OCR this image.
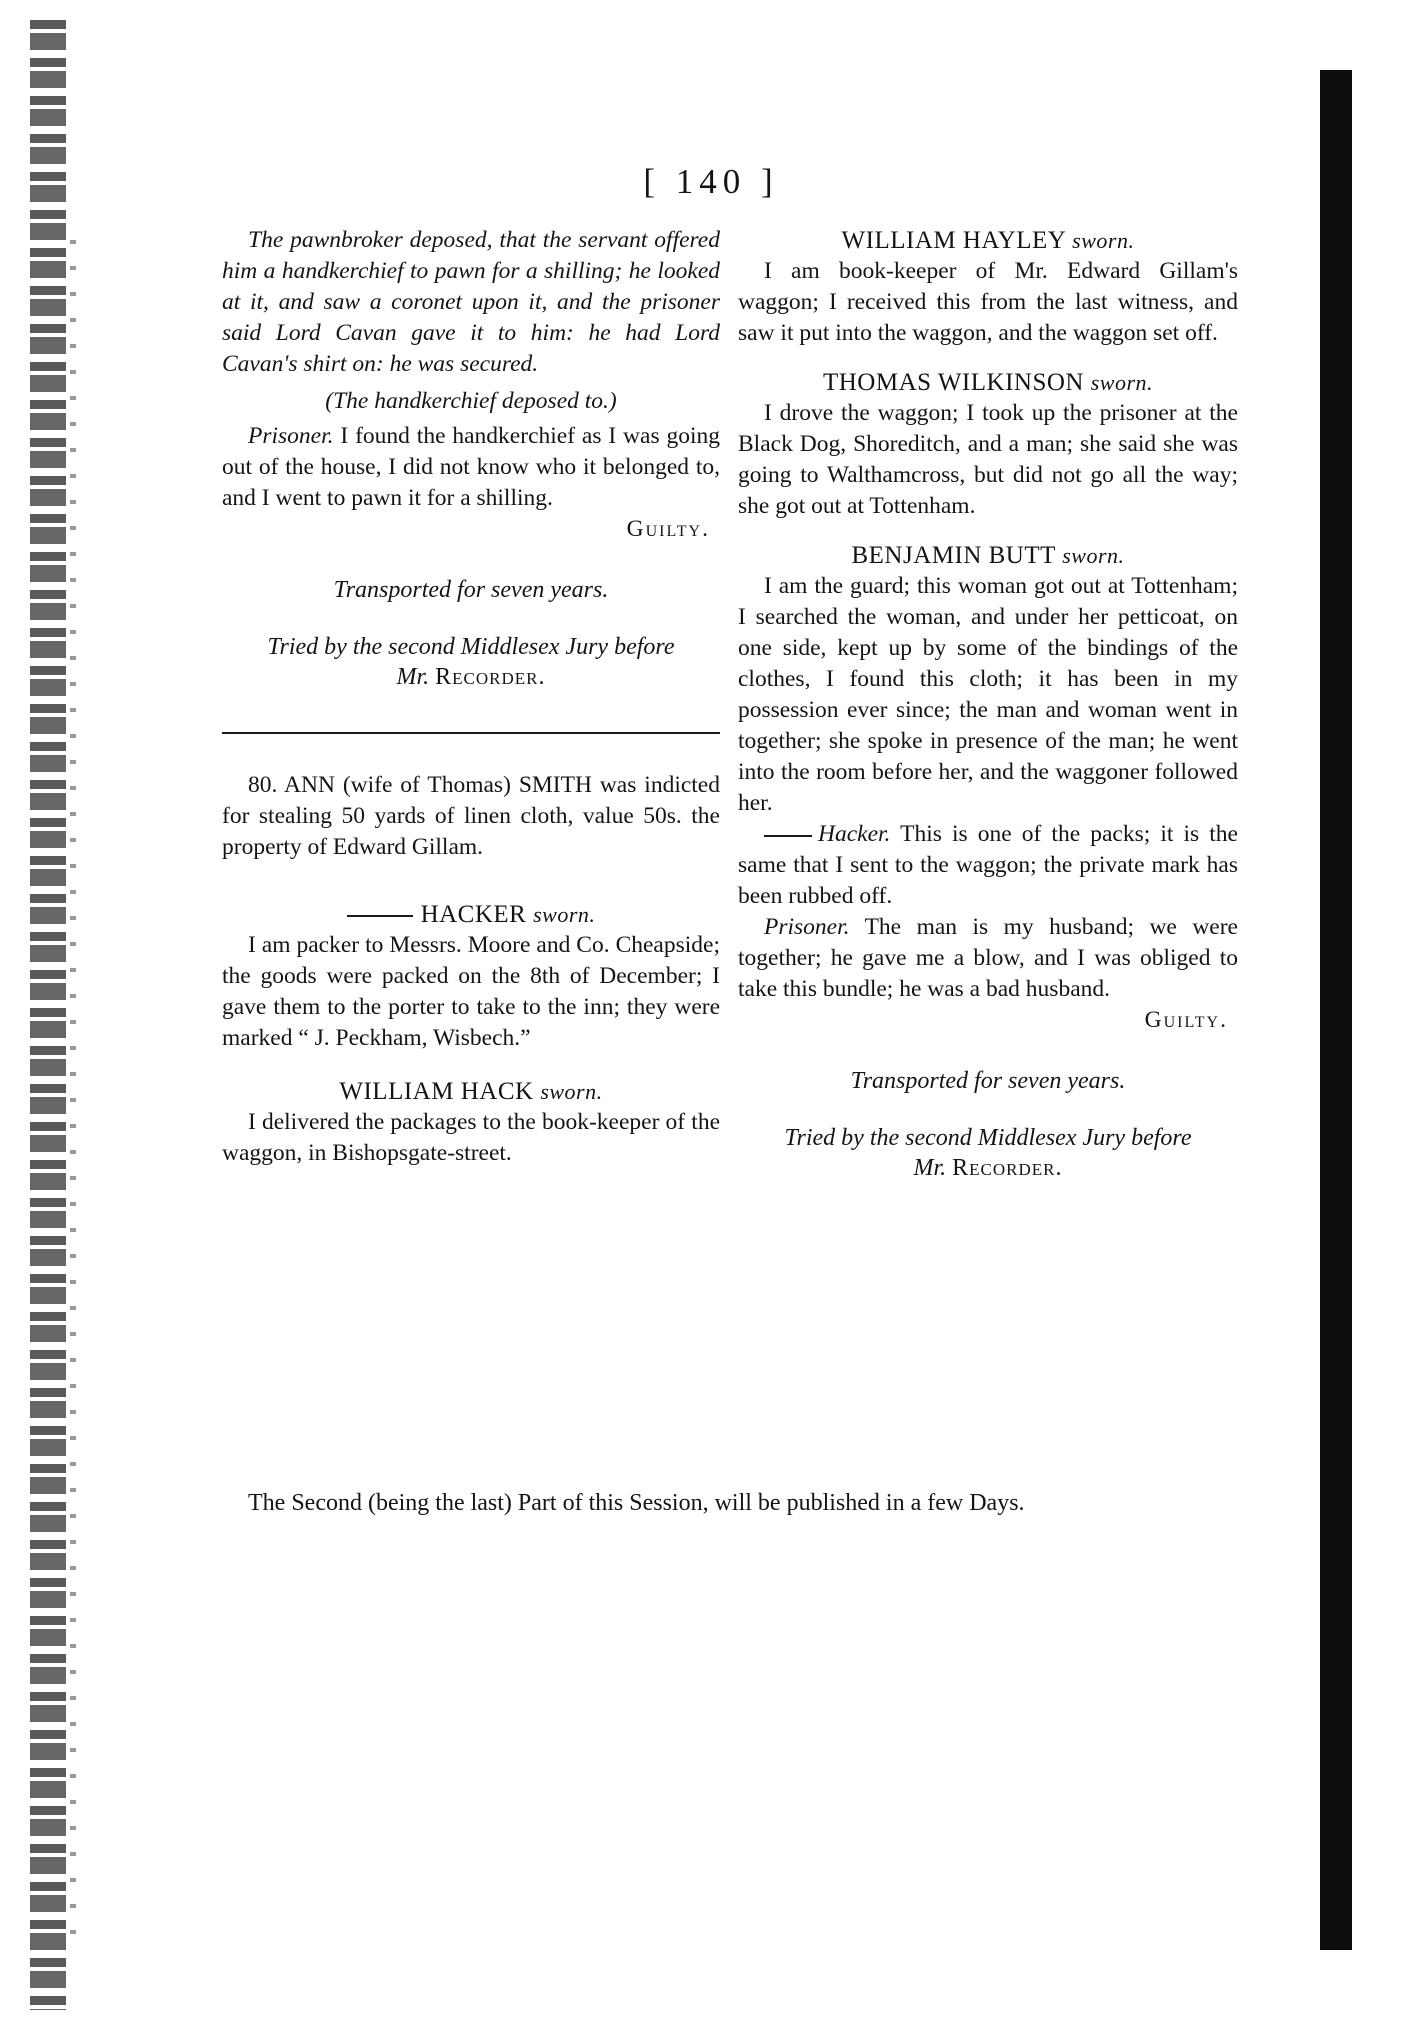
[ 140 ]

The pawnbroker deposed, that the servant offered him a handkerchief to pawn for a shilling; he looked at it, and saw a coronet upon it, and the prisoner said Lord Cavan gave it to him: he had Lord Cavan's shirt on: he was secured.

(The handkerchief deposed to.)

Prisoner. I found the handkerchief as I was going out of the house, I did not know who it belonged to, and I went to pawn it for a shilling.

Guilty.
Transported for seven years.
Tried by the second Middlesex Jury before
Mr. Recorder.

80. ANN (wife of Thomas) SMITH was indicted for stealing 50 yards of linen cloth, value 50s. the property of Edward Gillam.

HACKER sworn.

I am packer to Messrs. Moore and Co. Cheapside; the goods were packed on the 8th of December; I gave them to the porter to take to the inn; they were marked “ J. Peckham, Wisbech.”

WILLIAM HACK sworn.

I delivered the packages to the book-keeper of the waggon, in Bishopsgate-street.

WILLIAM HAYLEY sworn.

I am book-keeper of Mr. Edward Gillam's waggon; I received this from the last witness, and saw it put into the waggon, and the waggon set off.

THOMAS WILKINSON sworn.

I drove the waggon; I took up the prisoner at the Black Dog, Shoreditch, and a man; she said she was going to Walthamcross, but did not go all the way; she got out at Tottenham.

BENJAMIN BUTT sworn.

I am the guard; this woman got out at Tottenham; I searched the woman, and under her petticoat, on one side, kept up by some of the bindings of the clothes, I found this cloth; it has been in my possession ever since; the man and woman went in together; she spoke in presence of the man; he went into the room before her, and the waggoner followed her.

Hacker. This is one of the packs; it is the same that I sent to the waggon; the private mark has been rubbed off.

Prisoner. The man is my husband; we were together; he gave me a blow, and I was obliged to take this bundle; he was a bad husband.

Guilty.
Transported for seven years.
Tried by the second Middlesex Jury before
Mr. Recorder.
The Second (being the last) Part of this Session, will be published in a few Days.
